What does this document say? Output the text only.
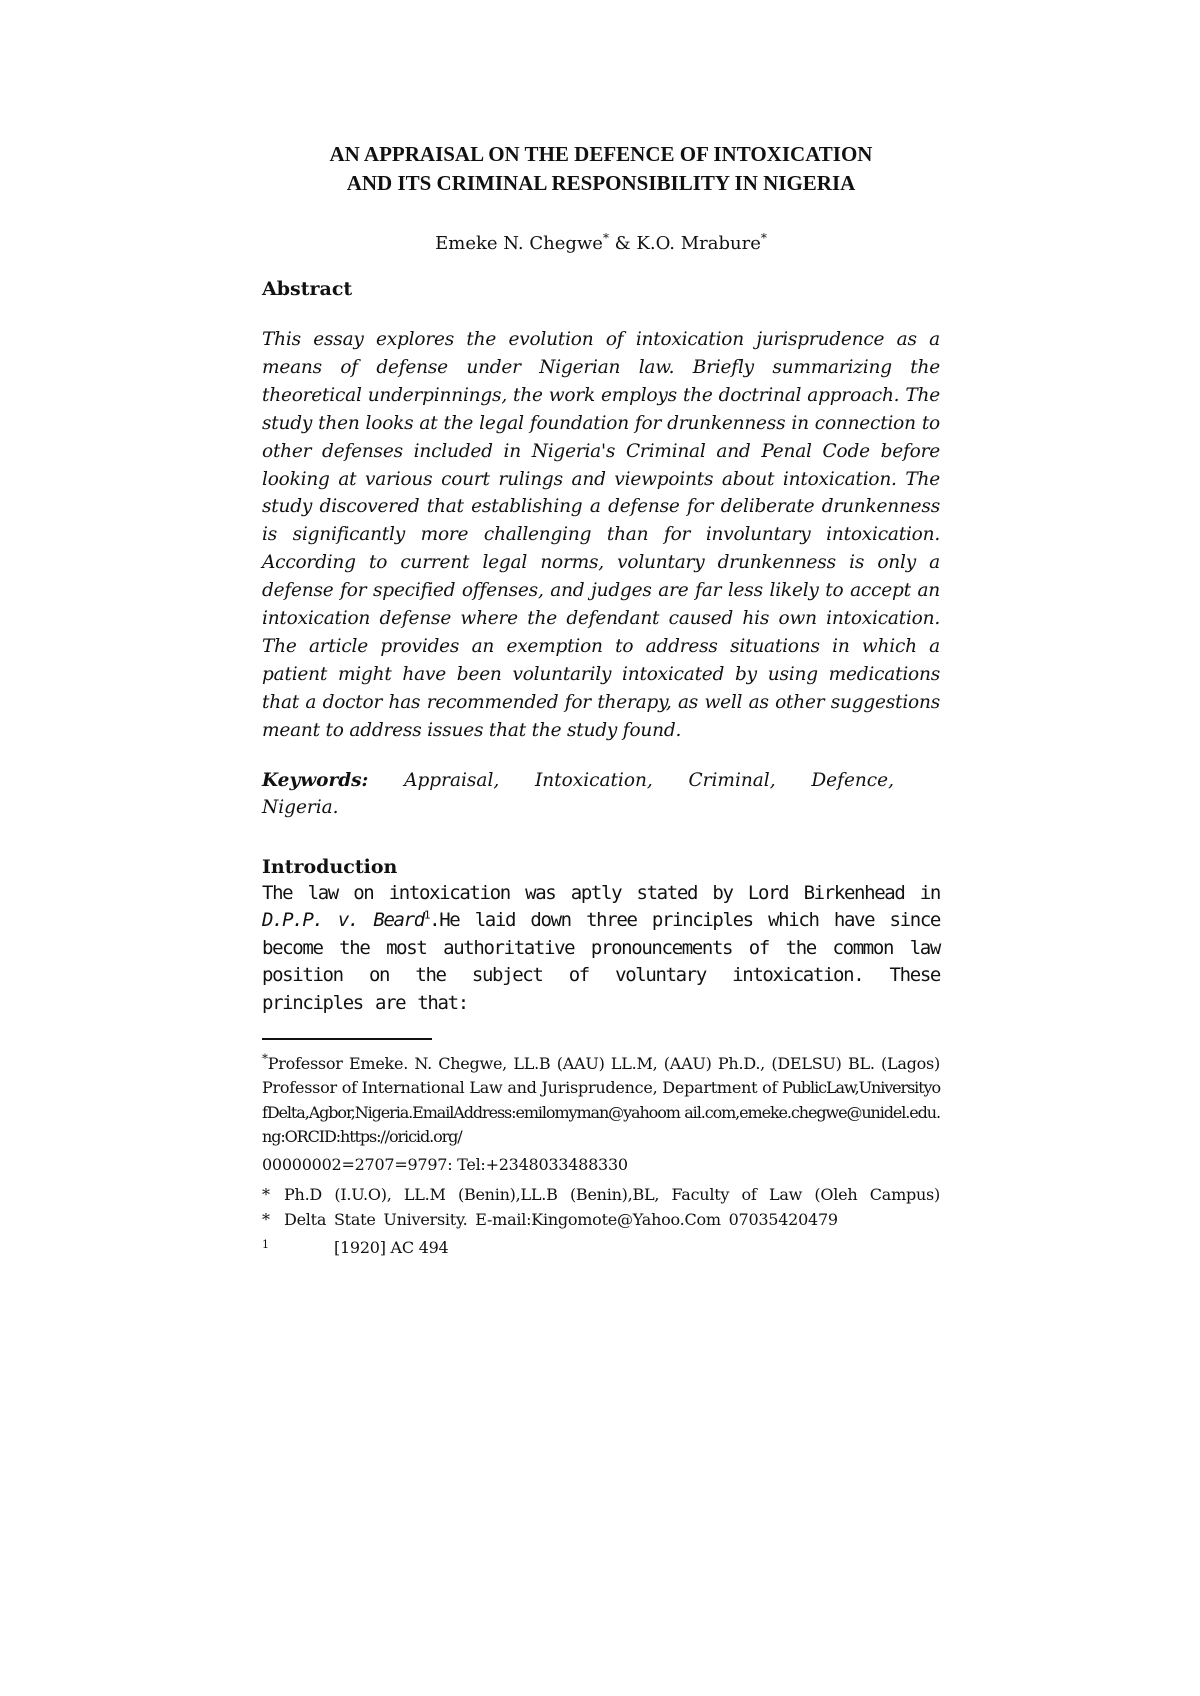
AN APPRAISAL ON THE DEFENCE OF INTOXICATION
AND ITS CRIMINAL RESPONSIBILITY IN NIGERIA
Emeke N. Chegwe* & K.O. Mrabure*
Abstract
This essay explores the evolution of intoxication jurisprudence as a means of defense under Nigerian law. Briefly summarizing the theoretical underpinnings, the work employs the doctrinal approach. The study then looks at the legal foundation for drunkenness in connection to other defenses included in Nigeria's Criminal and Penal Code before looking at various court rulings and viewpoints about intoxication. The study discovered that establishing a defense for deliberate drunkenness is significantly more challenging than for involuntary intoxication. According to current legal norms, voluntary drunkenness is only a defense for specified offenses, and judges are far less likely to accept an intoxication defense where the defendant caused his own intoxication. The article provides an exemption to address situations in which a patient might have been voluntarily intoxicated by using medications that a doctor has recommended for therapy, as well as other suggestions meant to address issues that the study found.
Keywords: Appraisal, Intoxication, Criminal, Defence, Nigeria.
Introduction
The law on intoxication was aptly stated by Lord Birkenhead in D.P.P. v. Beard$^1$.He laid down three principles which have since become the most authoritative pronouncements of the common law position on the subject of voluntary intoxication. These principles are that:
*Professor Emeke. N. Chegwe, LL.B (AAU) LL.M, (AAU) Ph.D., (DELSU) BL. (Lagos) Professor of International Law and Jurisprudence, Department of PublicLaw,UniversityofDelta,Agbor,Nigeria.EmailAddress:emilomyman@yahoom ail.com,emeke.chegwe@unidel.edu.ng:ORCID:https://oricid.org/
00000002=2707=9797: Tel:+2348033488330
* *
Ph.D (I.U.O), LL.M (Benin),LL.B (Benin),BL, Faculty of Law (Oleh Campus) Delta State University. E-mail:Kingomote@Yahoo.Com 07035420479
1	[1920] AC 494
